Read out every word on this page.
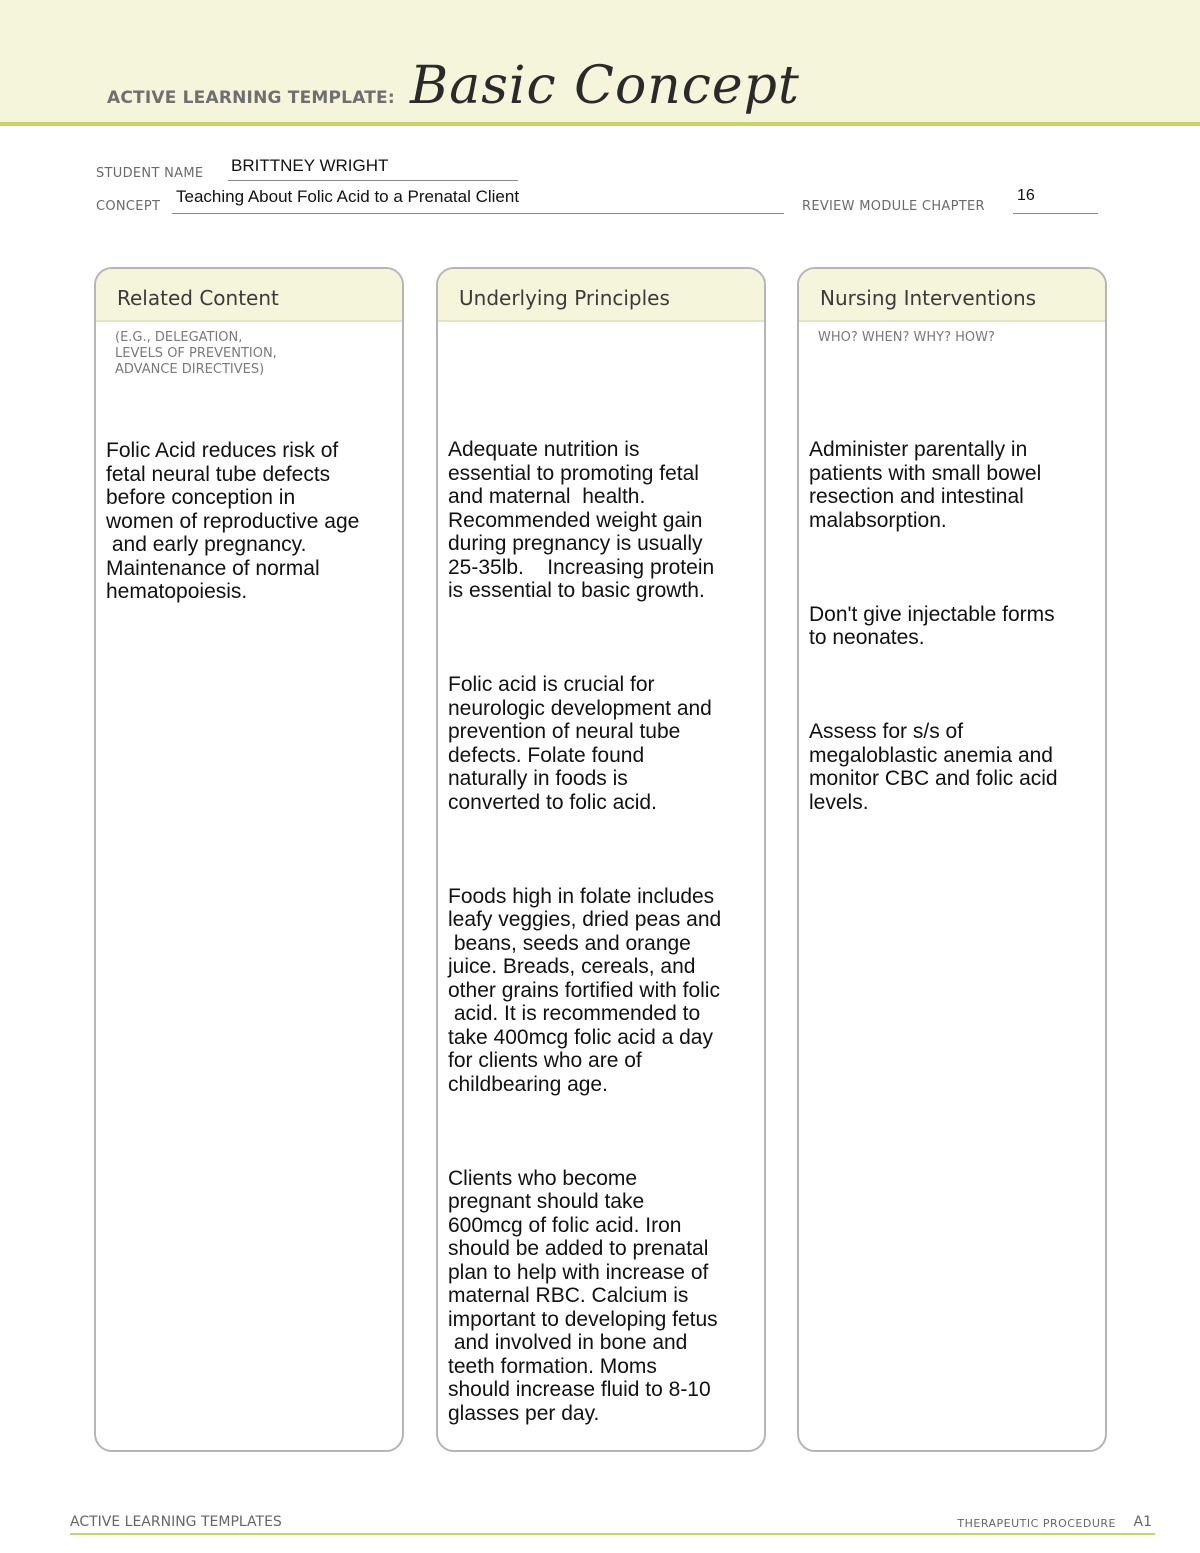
ACTIVE LEARNING TEMPLATE: Basic Concept
STUDENT NAME BRITTNEY WRIGHT
CONCEPT
Teaching About Folic Acid to a Prenatal Client
REVIEW MODULE CHAPTER
16
Related Content
(E.G., DELEGATION,
LEVELS OF PREVENTION,
ADVANCE DIRECTIVES)

Folic Acid reduces risk of
fetal neural tube defects
before conception in
women of reproductive age
and early pregnancy.
Maintenance of normal
hematopoiesis.

Underlying Principles

Adequate nutrition is
essential to promoting fetal
and maternal  health.
Recommended weight gain
during pregnancy is usually
25-35lb.    Increasing protein
is essential to basic growth.

Folic acid is crucial for
neurologic development and
prevention of neural tube
defects. Folate found
naturally in foods is
converted to folic acid.

Foods high in folate includes
leafy veggies, dried peas and
beans, seeds and orange
juice. Breads, cereals, and
other grains fortified with folic
acid. It is recommended to
take 400mcg folic acid a day
for clients who are of
childbearing age.

Clients who become
pregnant should take
600mcg of folic acid. Iron
should be added to prenatal
plan to help with increase of
maternal RBC. Calcium is
important to developing fetus
and involved in bone and
teeth formation. Moms
should increase fluid to 8-10
glasses per day.

Nursing Interventions
WHO? WHEN? WHY? HOW?

Administer parentally in
patients with small bowel
resection and intestinal
malabsorption.

Don't give injectable forms
to neonates.

Assess for s/s of
megaloblastic anemia and
monitor CBC and folic acid
levels.

ACTIVE LEARNING TEMPLATES	THERAPEUTIC PROCEDURE A1
